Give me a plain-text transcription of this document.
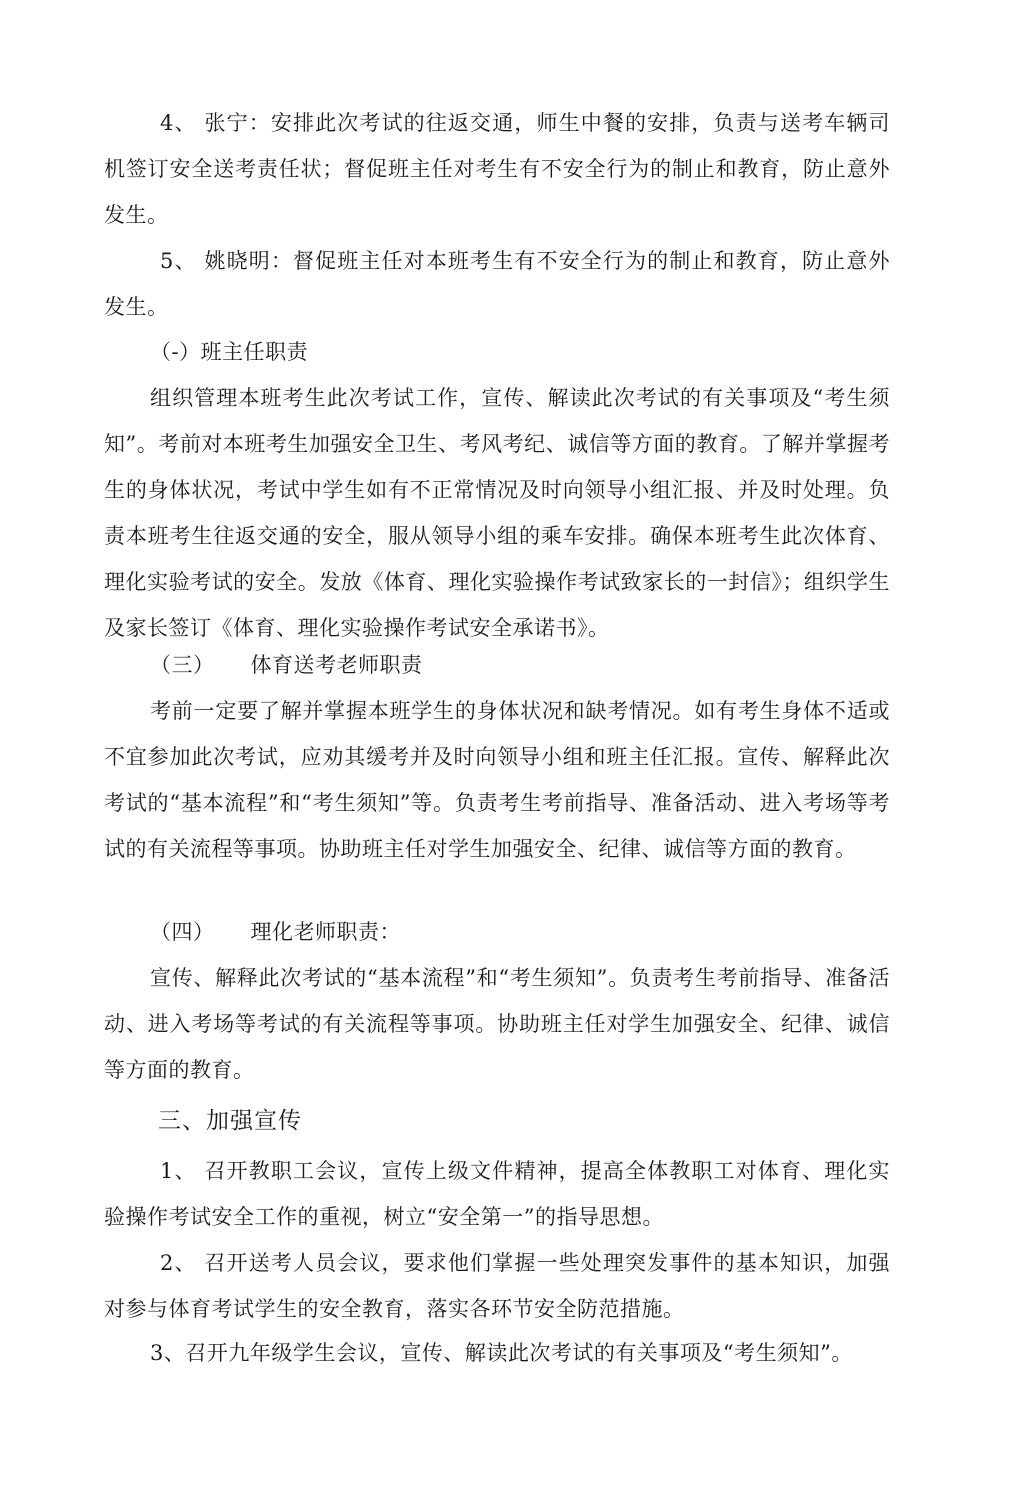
4、 张宁：安排此次考试的往返交通，师生中餐的安排，负责与送考车辆司机签订安全送考责任状；督促班主任对考生有不安全行为的制止和教育，防止意外发生。

5、 姚晓明：督促班主任对本班考生有不安全行为的制止和教育，防止意外发生。

（-）班主任职责

组织管理本班考生此次考试工作，宣传、解读此次考试的有关事项及“考生须知”。考前对本班考生加强安全卫生、考风考纪、诚信等方面的教育。了解并掌握考生的身体状况，考试中学生如有不正常情况及时向领导小组汇报、并及时处理。负责本班考生往返交通的安全，服从领导小组的乘车安排。确保本班考生此次体育、理化实验考试的安全。发放《体育、理化实验操作考试致家长的一封信》；组织学生及家长签订《体育、理化实验操作考试安全承诺书》。

（三） 体育送考老师职责

考前一定要了解并掌握本班学生的身体状况和缺考情况。如有考生身体不适或不宜参加此次考试，应劝其缓考并及时向领导小组和班主任汇报。宣传、解释此次考试的“基本流程”和“考生须知”等。负责考生考前指导、准备活动、进入考场等考试的有关流程等事项。协助班主任对学生加强安全、纪律、诚信等方面的教育。

（四） 理化老师职责：

宣传、解释此次考试的“基本流程”和“考生须知”。负责考生考前指导、准备活动、进入考场等考试的有关流程等事项。协助班主任对学生加强安全、纪律、诚信等方面的教育。

三、加强宣传

1、 召开教职工会议，宣传上级文件精神，提高全体教职工对体育、理化实验操作考试安全工作的重视，树立“安全第一”的指导思想。

2、 召开送考人员会议，要求他们掌握一些处理突发事件的基本知识，加强对参与体育考试学生的安全教育，落实各环节安全防范措施。

3、召开九年级学生会议，宣传、解读此次考试的有关事项及“考生须知”。
